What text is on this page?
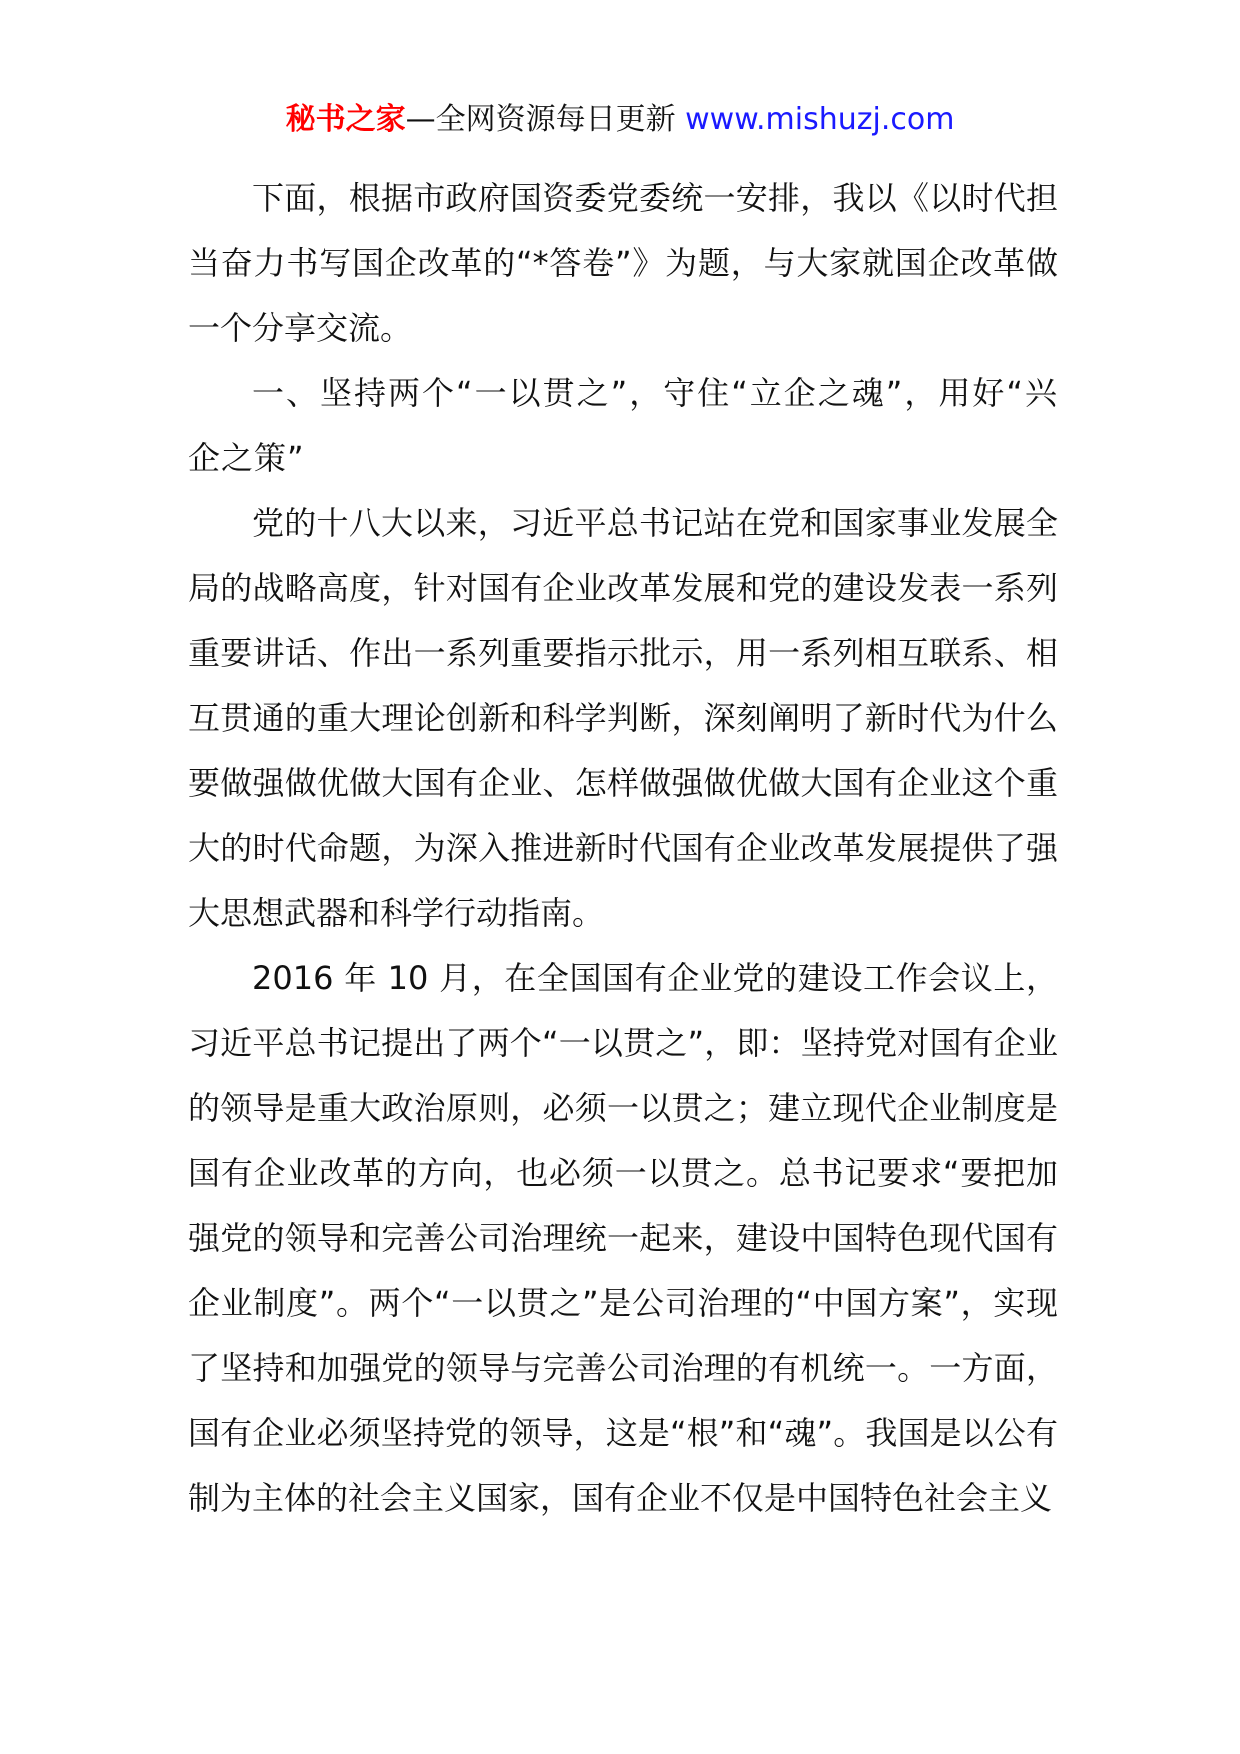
秘书之家—全网资源每日更新 www.mishuzj.com

下面，根据市政府国资委党委统一安排，我以《以时代担当奋力书写国企改革的“*答卷”》为题，与大家就国企改革做一个分享交流。

一、坚持两个“一以贯之”，守住“立企之魂”，用好“兴企之策”

党的十八大以来，习近平总书记站在党和国家事业发展全局的战略高度，针对国有企业改革发展和党的建设发表一系列重要讲话、作出一系列重要指示批示，用一系列相互联系、相互贯通的重大理论创新和科学判断，深刻阐明了新时代为什么要做强做优做大国有企业、怎样做强做优做大国有企业这个重大的时代命题，为深入推进新时代国有企业改革发展提供了强大思想武器和科学行动指南。

2016 年 10 月，在全国国有企业党的建设工作会议上，习近平总书记提出了两个“一以贯之”，即：坚持党对国有企业的领导是重大政治原则，必须一以贯之；建立现代企业制度是国有企业改革的方向，也必须一以贯之。总书记要求“要把加强党的领导和完善公司治理统一起来，建设中国特色现代国有企业制度”。两个“一以贯之”是公司治理的“中国方案”，实现了坚持和加强党的领导与完善公司治理的有机统一。一方面，国有企业必须坚持党的领导，这是“根”和“魂”。我国是以公有制为主体的社会主义国家，国有企业不仅是中国特色社会主义
